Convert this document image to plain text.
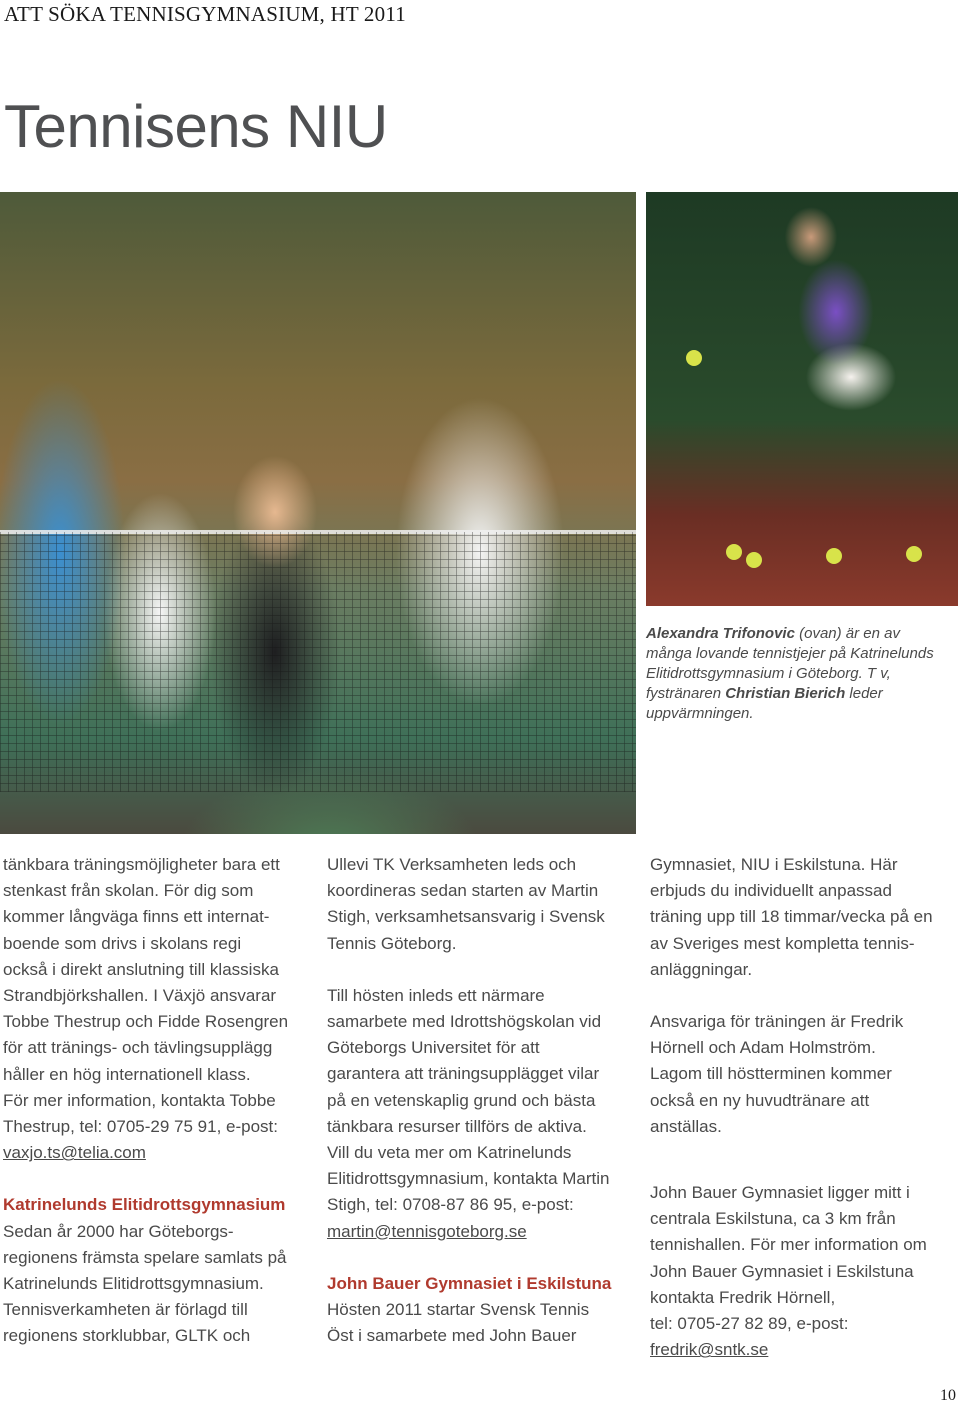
ATT SÖKA TENNISGYMNASIUM, HT 2011
Tennisens NIU
Alexandra Trifonovic (ovan) är en av många lovande tennistjejer på Katrinelunds Elitidrottsgymnasium i Göteborg. T v, fystränaren Christian Bierich leder uppvärmningen.

tänkbara träningsmöjligheter bara ett

stenkast från skolan. För dig som

kommer långväga finns ett internat-

boende som drivs i skolans regi

också i direkt anslutning till klassiska

Strandbjörkshallen. I Växjö ansvarar

Tobbe Thestrup och Fidde Rosengren

för att tränings- och tävlingsupplägg

håller en hög internationell klass.

För mer information, kontakta Tobbe

Thestrup, tel: 0705-29 75 91, e-post:

vaxjo.ts@telia.com

Katrinelunds Elitidrottsgymnasium

Sedan år 2000 har Göteborgs-

regionens främsta spelare samlats på

Katrinelunds Elitidrottsgymnasium.

Tennisverkamheten är förlagd till

regionens storklubbar, GLTK och

Ullevi TK Verksamheten leds och

koordineras sedan starten av Martin

Stigh, verksamhetsansvarig i Svensk

Tennis Göteborg.

Till hösten inleds ett närmare

samarbete med Idrottshögskolan vid

Göteborgs Universitet för att

garantera att träningsupplägget vilar

på en vetenskaplig grund och bästa

tänkbara resurser tillförs de aktiva.

Vill du veta mer om Katrinelunds

Elitidrottsgymnasium, kontakta Martin

Stigh, tel: 0708-87 86 95, e-post:

martin@tennisgoteborg.se

John Bauer Gymnasiet i Eskilstuna

Hösten 2011 startar Svensk Tennis

Öst i samarbete med John Bauer

Gymnasiet, NIU i Eskilstuna. Här

erbjuds du individuellt anpassad

träning upp till 18 timmar/vecka på en

av Sveriges mest kompletta tennis-

anläggningar.

Ansvariga för träningen är Fredrik

Hörnell och Adam Holmström.

Lagom till höstterminen kommer

också en ny huvudtränare att

anställas.

John Bauer Gymnasiet ligger mitt i

centrala Eskilstuna, ca 3 km från

tennishallen. För mer information om

John Bauer Gymnasiet i Eskilstuna

kontakta Fredrik Hörnell,

tel: 0705-27 82 89, e-post:

fredrik@sntk.se

10
